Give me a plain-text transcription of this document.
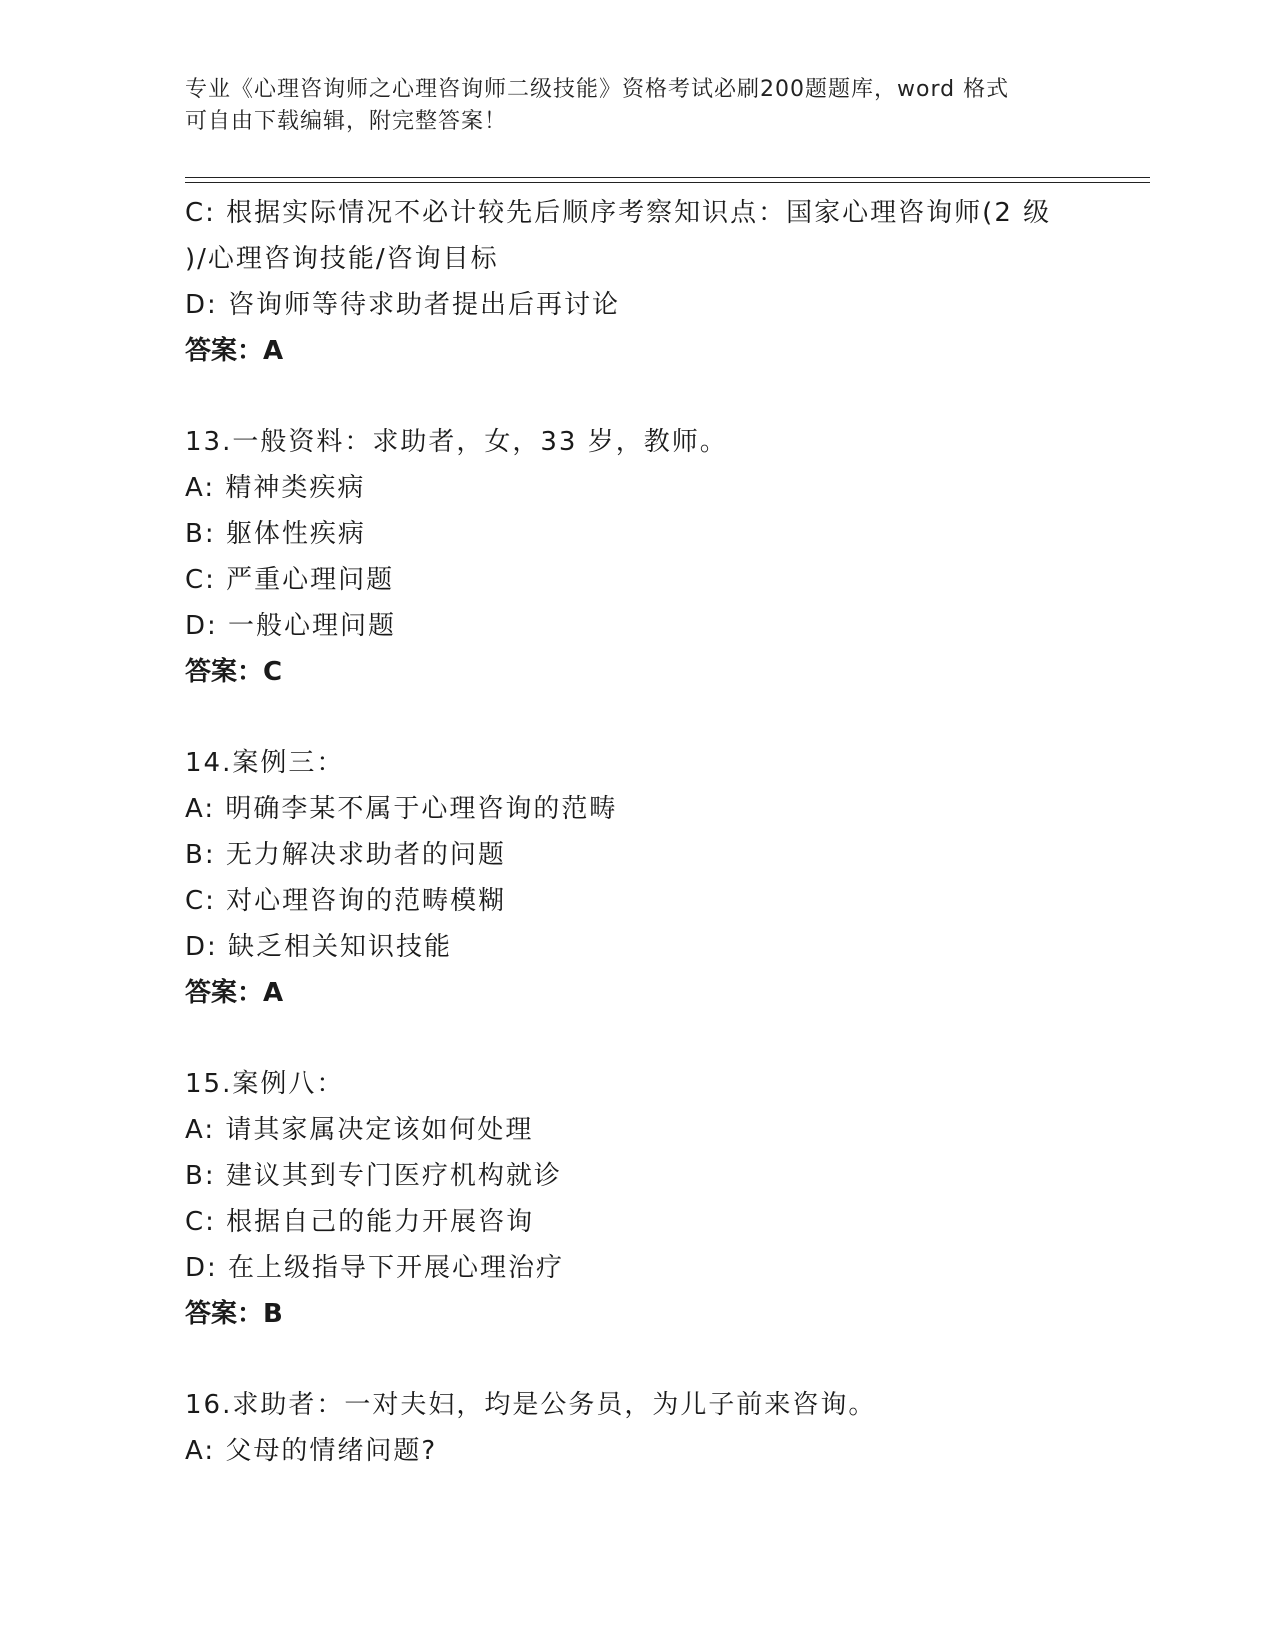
专业《心理咨询师之心理咨询师二级技能》资格考试必刷200题题库，word 格式
可自由下载编辑，附完整答案！
C: 根据实际情况不必计较先后顺序考察知识点：国家心理咨询师(2 级
)/心理咨询技能/咨询目标
D: 咨询师等待求助者提出后再讨论
答案：A
13.一般资料：求助者，女，33 岁，教师。
A: 精神类疾病
B: 躯体性疾病
C: 严重心理问题
D: 一般心理问题
答案：C
14.案例三：
A: 明确李某不属于心理咨询的范畴
B: 无力解决求助者的问题
C: 对心理咨询的范畴模糊
D: 缺乏相关知识技能
答案：A
15.案例八：
A: 请其家属决定该如何处理
B: 建议其到专门医疗机构就诊
C: 根据自己的能力开展咨询
D: 在上级指导下开展心理治疗
答案：B
16.求助者：一对夫妇，均是公务员，为儿子前来咨询。
A: 父母的情绪问题?
